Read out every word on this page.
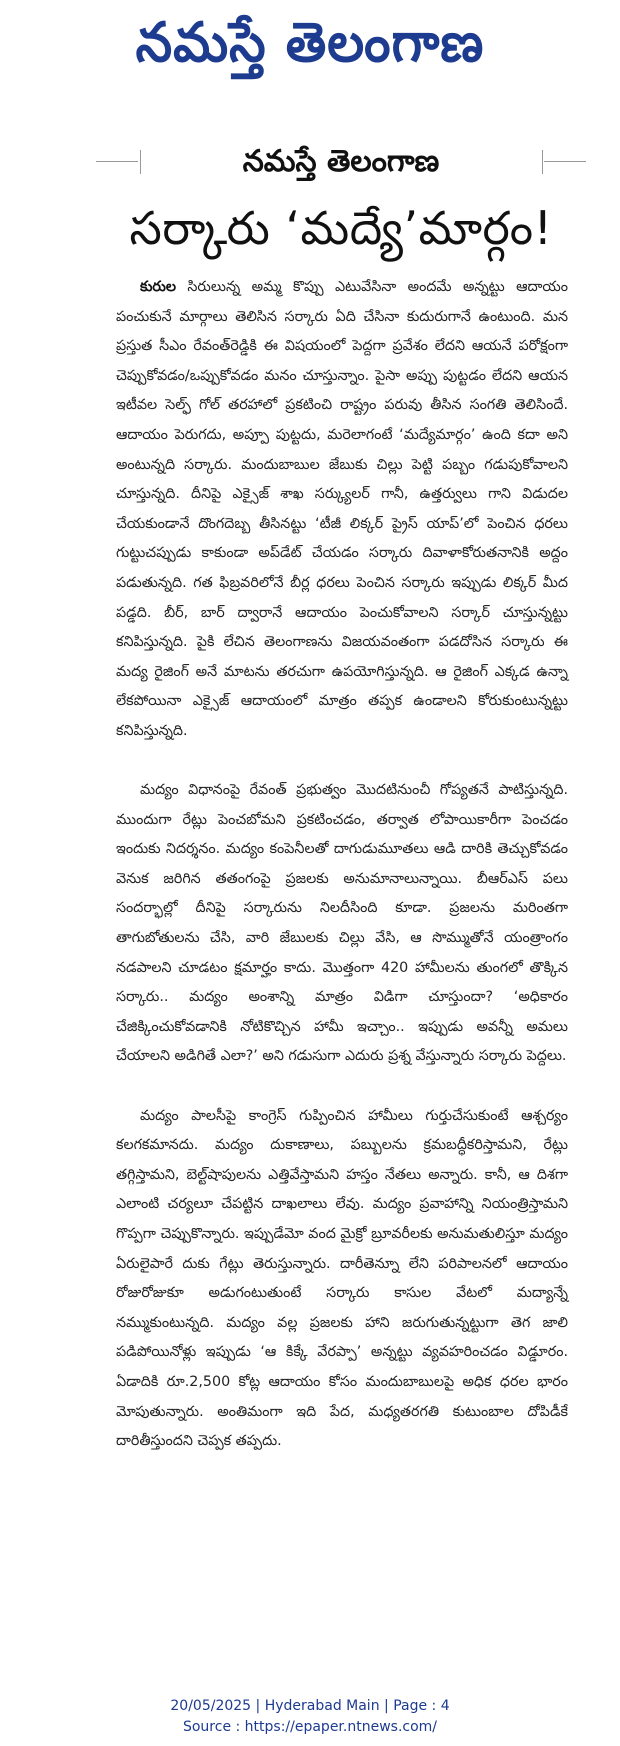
నమస్తే తెలంగాణ
నమస్తే తెలంగాణ
సర్కారు ‘మద్యే’మార్గం!

కురుల సిరులున్న అమ్మ కొప్పు ఎటువేసినా అందమే అన్నట్టు ఆదాయం పంచుకునే మార్గాలు తెలిసిన సర్కారు ఏది చేసినా కుదురుగానే ఉంటుంది. మన ప్రస్తుత సీఎం రేవంత్‌రెడ్డికి ఈ విషయంలో పెద్దగా ప్రవేశం లేదని ఆయనే పరోక్షంగా చెప్పుకోవడం/ఒప్పుకోవడం మనం చూస్తున్నాం. పైసా అప్పు పుట్టడం లేదని ఆయన ఇటీవల సెల్ఫ్ గోల్ తరహాలో ప్రకటించి రాష్ట్రం పరువు తీసిన సంగతి తెలిసిందే. ఆదాయం పెరుగదు, అప్పూ పుట్టదు, మరెలాగంటే ‘మద్యేమార్గం’ ఉంది కదా అని అంటున్నది సర్కారు. మందుబాబుల జేబుకు చిల్లు పెట్టి పబ్బం గడుపుకోవాలని చూస్తున్నది. దీనిపై ఎక్సైజ్ శాఖ సర్క్యులర్ గానీ, ఉత్తర్వులు గాని విడుదల చేయకుండానే దొంగదెబ్బ తీసినట్టు ‘టీజీ లిక్కర్ ప్రైస్ యాప్’లో పెంచిన ధరలు గుట్టుచప్పుడు కాకుండా అప్‌డేట్ చేయడం సర్కారు దివాళాకోరుతనానికి అద్దం పడుతున్నది. గత ఫిబ్రవరిలోనే బీర్ల ధరలు పెంచిన సర్కారు ఇప్పుడు లిక్కర్ మీద పడ్డది. బీర్, బార్ ద్వారానే ఆదాయం పెంచుకోవాలని సర్కార్ చూస్తున్నట్టు కనిపిస్తున్నది. పైకి లేచిన తెలంగాణను విజయవంతంగా పడదోసిన సర్కారు ఈ మద్య రైజింగ్ అనే మాటను తరచుగా ఉపయోగిస్తున్నది. ఆ రైజింగ్ ఎక్కడ ఉన్నా లేకపోయినా ఎక్సైజ్ ఆదాయంలో మాత్రం తప్పక ఉండాలని కోరుకుంటున్నట్టు కనిపిస్తున్నది.

మద్యం విధానంపై రేవంత్ ప్రభుత్వం మొదటినుంచీ గోప్యతనే పాటిస్తున్నది. ముందుగా రేట్లు పెంచబోమని ప్రకటించడం, తర్వాత లోపాయికారీగా పెంచడం ఇందుకు నిదర్శనం. మద్యం కంపెనీలతో దాగుడుమూతలు ఆడి దారికి తెచ్చుకోవడం వెనుక జరిగిన తతంగంపై ప్రజలకు అనుమానాలున్నాయి. బీఆర్‌ఎస్ పలు సందర్భాల్లో దీనిపై సర్కారును నిలదీసింది కూడా. ప్రజలను మరింతగా తాగుబోతులను చేసి, వారి జేబులకు చిల్లు వేసి, ఆ సొమ్ముతోనే యంత్రాంగం నడపాలని చూడటం క్షమార్హం కాదు. మొత్తంగా 420 హామీలను తుంగలో తొక్కిన సర్కారు.. మద్యం అంశాన్ని మాత్రం విడిగా చూస్తుందా? ‘అధికారం చేజిక్కించుకోవడానికి నోటికొచ్చిన హామీ ఇచ్చాం.. ఇప్పుడు అవన్నీ అమలు చేయాలని అడిగితే ఎలా?’ అని గడుసుగా ఎదురు ప్రశ్న వేస్తున్నారు సర్కారు పెద్దలు.

మద్యం పాలసీపై కాంగ్రెస్ గుప్పించిన హామీలు గుర్తుచేసుకుంటే ఆశ్చర్యం కలగకమానదు. మద్యం దుకాణాలు, పబ్బులను క్రమబద్ధీకరిస్తామని, రేట్లు తగ్గిస్తామని, బెల్ట్‌షాపులను ఎత్తివేస్తామని హస్తం నేతలు అన్నారు. కానీ, ఆ దిశగా ఎలాంటి చర్యలూ చేపట్టిన దాఖలాలు లేవు. మద్యం ప్రవాహాన్ని నియంత్రిస్తామని గొప్పగా చెప్పుకొన్నారు. ఇప్పుడేమో వంద మైక్రో బ్రూవరీలకు అనుమతులిస్తూ మద్యం ఏరులైపారే దుకు గేట్లు తెరుస్తున్నారు. దారీతెన్నూ లేని పరిపాలనలో ఆదాయం రోజురోజుకూ అడుగంటుతుంటే సర్కారు కాసుల వేటలో మద్యాన్నే నమ్ముకుంటున్నది. మద్యం వల్ల ప్రజలకు హాని జరుగుతున్నట్టుగా తెగ జాలి పడిపోయినోళ్లు ఇప్పుడు ‘ఆ కిక్కే వేరప్పా’ అన్నట్టు వ్యవహరించడం విడ్డూరం. ఏడాదికి రూ.2,500 కోట్ల ఆదాయం కోసం మందుబాబులపై అధిక ధరల భారం మోపుతున్నారు. అంతిమంగా ఇది పేద, మధ్యతరగతి కుటుంబాల దోపిడీకే దారితీస్తుందని చెప్పక తప్పదు.

20/05/2025 | Hyderabad Main | Page : 4
Source : https://epaper.ntnews.com/
